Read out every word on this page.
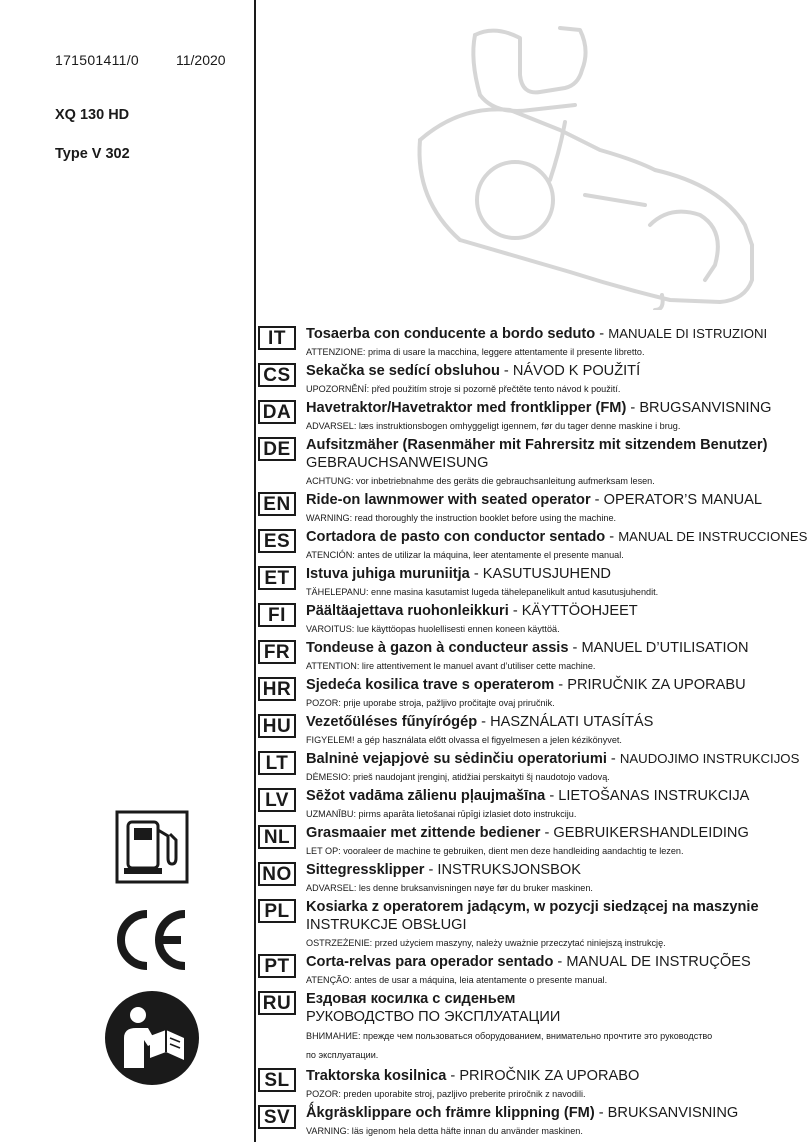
171501411/0	11/2020
XQ 130 HD
Type V 302
IT	Tosaerba con conducente a bordo seduto - MANUALE DI ISTRUZIONI
ATTENZIONE: prima di usare la macchina, leggere attentamente il presente libretto.
CS	Sekačka se sedící obsluhou - NÁVOD K POUŽITÍ
UPOZORNĚNÍ: před použitím stroje si pozorně přečtěte tento návod k použití.
DA	Havetraktor/Havetraktor med frontklipper (FM) - BRUGSANVISNING
ADVARSEL: læs instruktionsbogen omhyggeligt igennem, før du tager denne maskine i brug.
DE	Aufsitzmäher (Rasenmäher mit Fahrersitz mit sitzendem Benutzer)
GEBRAUCHSANWEISUNG
ACHTUNG: vor inbetriebnahme des geräts die gebrauchsanleitung aufmerksam lesen.
EN	Ride-on lawnmower with seated operator - OPERATOR’S MANUAL
WARNING: read thoroughly the instruction booklet before using the machine.
ES	Cortadora de pasto con conductor sentado - MANUAL DE INSTRUCCIONES
ATENCIÓN: antes de utilizar la máquina, leer atentamente el presente manual.
ET	Istuva juhiga muruniitja - KASUTUSJUHEND
TÄHELEPANU: enne masina kasutamist lugeda tähelepanelikult antud kasutusjuhendit.
FI	Päältäajettava ruohonleikkuri - KÄYTTÖOHJEET
VAROITUS: lue käyttöopas huolellisesti ennen koneen käyttöä.
FR	Tondeuse à gazon à conducteur assis - MANUEL D’UTILISATION
ATTENTION: lire attentivement le manuel avant d’utiliser cette machine.
HR	Sjedeća kosilica trave s operaterom - PRIRUČNIK ZA UPORABU
POZOR: prije uporabe stroja, pažljivo pročitajte ovaj priručnik.
HU	Vezetőüléses fűnyírógép - HASZNÁLATI UTASÍTÁS
FIGYELEM! a gép használata előtt olvassa el figyelmesen a jelen kézikönyvet.
LT	Balninė vejapjovė su sėdinčiu operatoriumi - NAUDOJIMO INSTRUKCIJOS
DĖMESIO: prieš naudojant įrenginį, atidžiai perskaityti šį naudotojo vadovą.
LV	Sēžot vadāma zālienu pļaujmašīna - LIETOŠANAS INSTRUKCIJA
UZMANĪBU: pirms aparāta lietošanai rūpīgi izlasiet doto instrukciju.
NL	Grasmaaier met zittende bediener - GEBRUIKERSHANDLEIDING
LET OP: vooraleer de machine te gebruiken, dient men deze handleiding aandachtig te lezen.
NO Sittegressklipper - INSTRUKSJONSBOK
ADVARSEL: les denne bruksanvisningen nøye før du bruker maskinen.
PL	Kosiarka z operatorem jadącym, w pozycji siedzącej na maszynie
INSTRUKCJE OBSŁUGI
OSTRZEŻENIE: przed użyciem maszyny, należy uważnie przeczytać niniejszą instrukcję.
PT	Corta-relvas para operador sentado - MANUAL DE INSTRUÇÕES
ATENÇÃO: antes de usar a máquina, leia atentamente o presente manual.
RU	Ездовая косилка с сиденьем
РУКОВОДСТВО ПО ЭКСПЛУАТАЦИИ
ВНИМАНИЕ: прежде чем пользоваться оборудованием, внимательно прочтите это руководство по эксплуатации.
SL	Traktorska kosilnica - PRIROČNIK ZA UPORABO
POZOR: preden uporabite stroj, pazljivo preberite priročnik z navodili.
SV	Ǻkgräsklippare och främre klippning (FM) - BRUKSANVISNING
VARNING: läs igenom hela detta häfte innan du använder maskinen.
